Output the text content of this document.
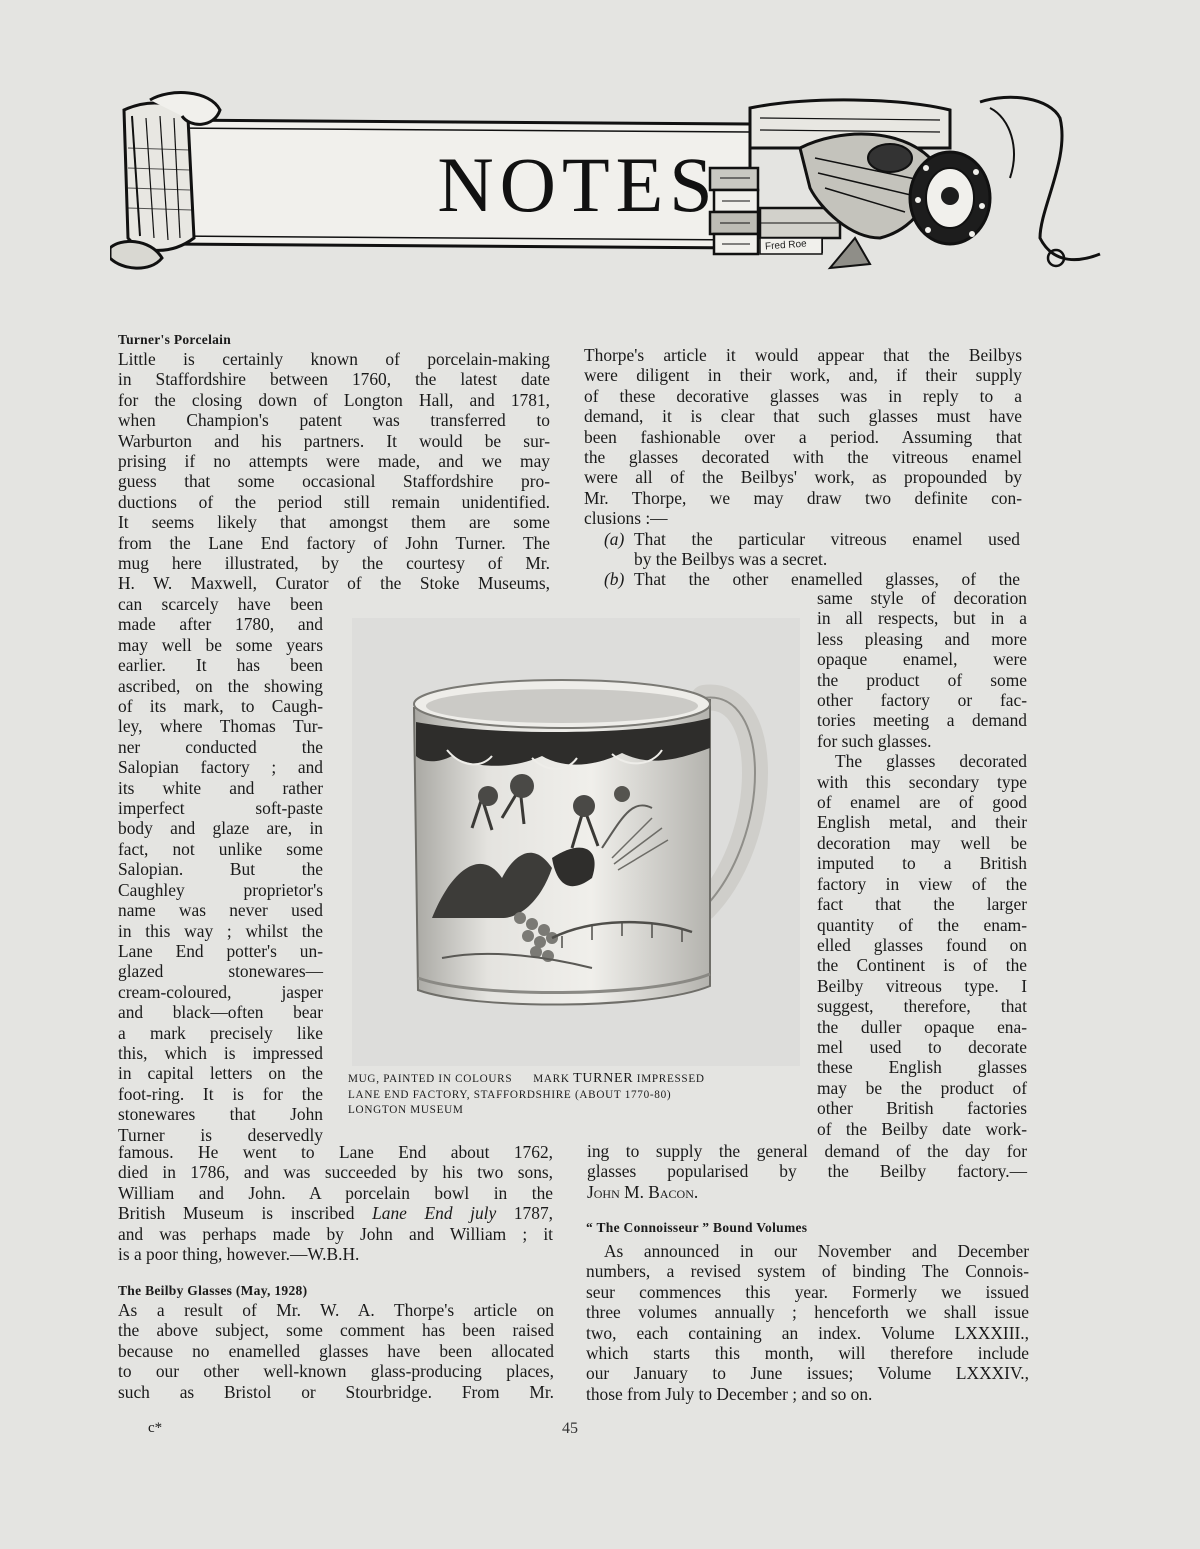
NOTES
Fred Roe
Turner's Porcelain
Little is certainly known of porcelain-making
in Staffordshire between 1760, the latest date
for the closing down of Longton Hall, and 1781,
when Champion's patent was transferred to
Warburton and his partners. It would be sur-
prising if no attempts were made, and we may
guess that some occasional Staffordshire pro-
ductions of the period still remain unidentified.
It seems likely that amongst them are some
from the Lane End factory of John Turner. The
mug here illustrated, by the courtesy of Mr.
H. W. Maxwell, Curator of the Stoke Museums,
can scarcely have been
made after 1780, and
may well be some years
earlier. It has been
ascribed, on the showing
of its mark, to Caugh-
ley, where Thomas Tur-
ner conducted the
Salopian factory ; and
its white and rather
imperfect soft-paste
body and glaze are, in
fact, not unlike some
Salopian. But the
Caughley proprietor's
name was never used
in this way ; whilst the
Lane End potter's un-
glazed stonewares—
cream-coloured, jasper
and black—often bear
a mark precisely like
this, which is impressed
in capital letters on the
foot-ring. It is for the
stonewares that John
Turner is deservedly

famous. He went to Lane End about 1762,
died in 1786, and was succeeded by his two sons,
William and John. A porcelain bowl in the
British Museum is inscribed Lane End july 1787,
and was perhaps made by John and William ; it
is a poor thing, however.—W.B.H.

The Beilby Glasses (May, 1928)
As a result of Mr. W. A. Thorpe's article on
the above subject, some comment has been raised
because no enamelled glasses have been allocated
to our other well-known glass-producing places,
such as Bristol or Stourbridge. From Mr.
Thorpe's article it would appear that the Beilbys
were diligent in their work, and, if their supply
of these decorative glasses was in reply to a
demand, it is clear that such glasses must have
been fashionable over a period. Assuming that
the glasses decorated with the vitreous enamel
were all of the Beilbys' work, as propounded by
Mr. Thorpe, we may draw two definite con-
clusions :—
(a) That the particular vitreous enamel used
by the Beilbys was a secret.
(b) That the other enamelled glasses, of the
same style of decoration
in all respects, but in a
less pleasing and more
opaque enamel, were
the product of some
other factory or fac-
tories meeting a demand
for such glasses.
The glasses decorated
with this secondary type
of enamel are of good
English metal, and their
decoration may well be
imputed to a British
factory in view of the
fact that the larger
quantity of the enam-
elled glasses found on
the Continent is of the
Beilby vitreous type. I
suggest, therefore, that
the duller opaque ena-
mel used to decorate
these English glasses
may be the product of
other British factories
of the Beilby date work-
ing to supply the general demand of the day for
glasses popularised by the Beilby factory.—
John M. Bacon.
“ The Connoisseur ” Bound Volumes
As announced in our November and December
numbers, a revised system of binding The Connois-
seur commences this year. Formerly we issued
three volumes annually ; henceforth we shall issue
two, each containing an index. Volume LXXXIII.,
which starts this month, will therefore include
our January to June issues; Volume LXXXIV.,
those from July to December ; and so on.
MUG, PAINTED IN COLOURS MARK TURNER IMPRESSED
LANE END FACTORY, STAFFORDSHIRE (ABOUT 1770-80)
LONGTON MUSEUM
c*	45
